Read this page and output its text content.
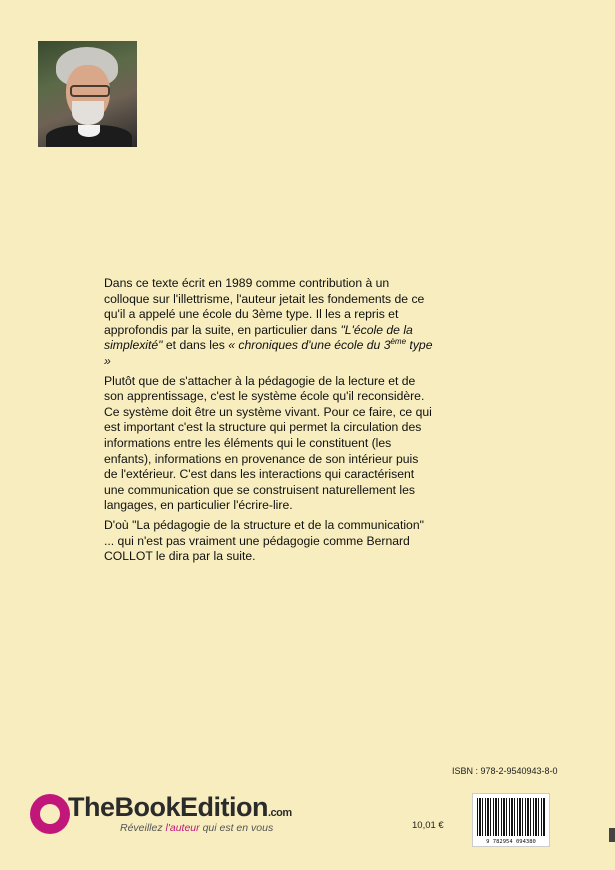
Dans ce texte écrit en 1989 comme contribution à un colloque sur l'illettrisme, l'auteur jetait les fondements de ce qu'il a appelé une école du 3ème type. Il les a repris et approfondis par la suite, en particulier dans "L'école de la simplexité" et dans les « chroniques d'une école du 3ème type »

Plutôt que de s'attacher à la pédagogie de la lecture et de son apprentissage, c'est le système école qu'il reconsidère. Ce système doit être un système vivant. Pour ce faire, ce qui est important c'est la structure qui permet la circulation des informations entre les éléments qui le constituent (les enfants), informations en provenance de son intérieur puis de l'extérieur. C'est dans les interactions qui caractérisent une communication que se construisent naturellement les langages, en particulier l'écrire-lire.

D'où "La pédagogie de la structure et de la communication" ... qui n'est pas vraiment une pédagogie comme Bernard COLLOT le dira par la suite.

ISBN : 978-2-9540943-8-0
TheBookEdition.com
Réveillez l'auteur qui est en vous	10,01 €
9 782954 094380
